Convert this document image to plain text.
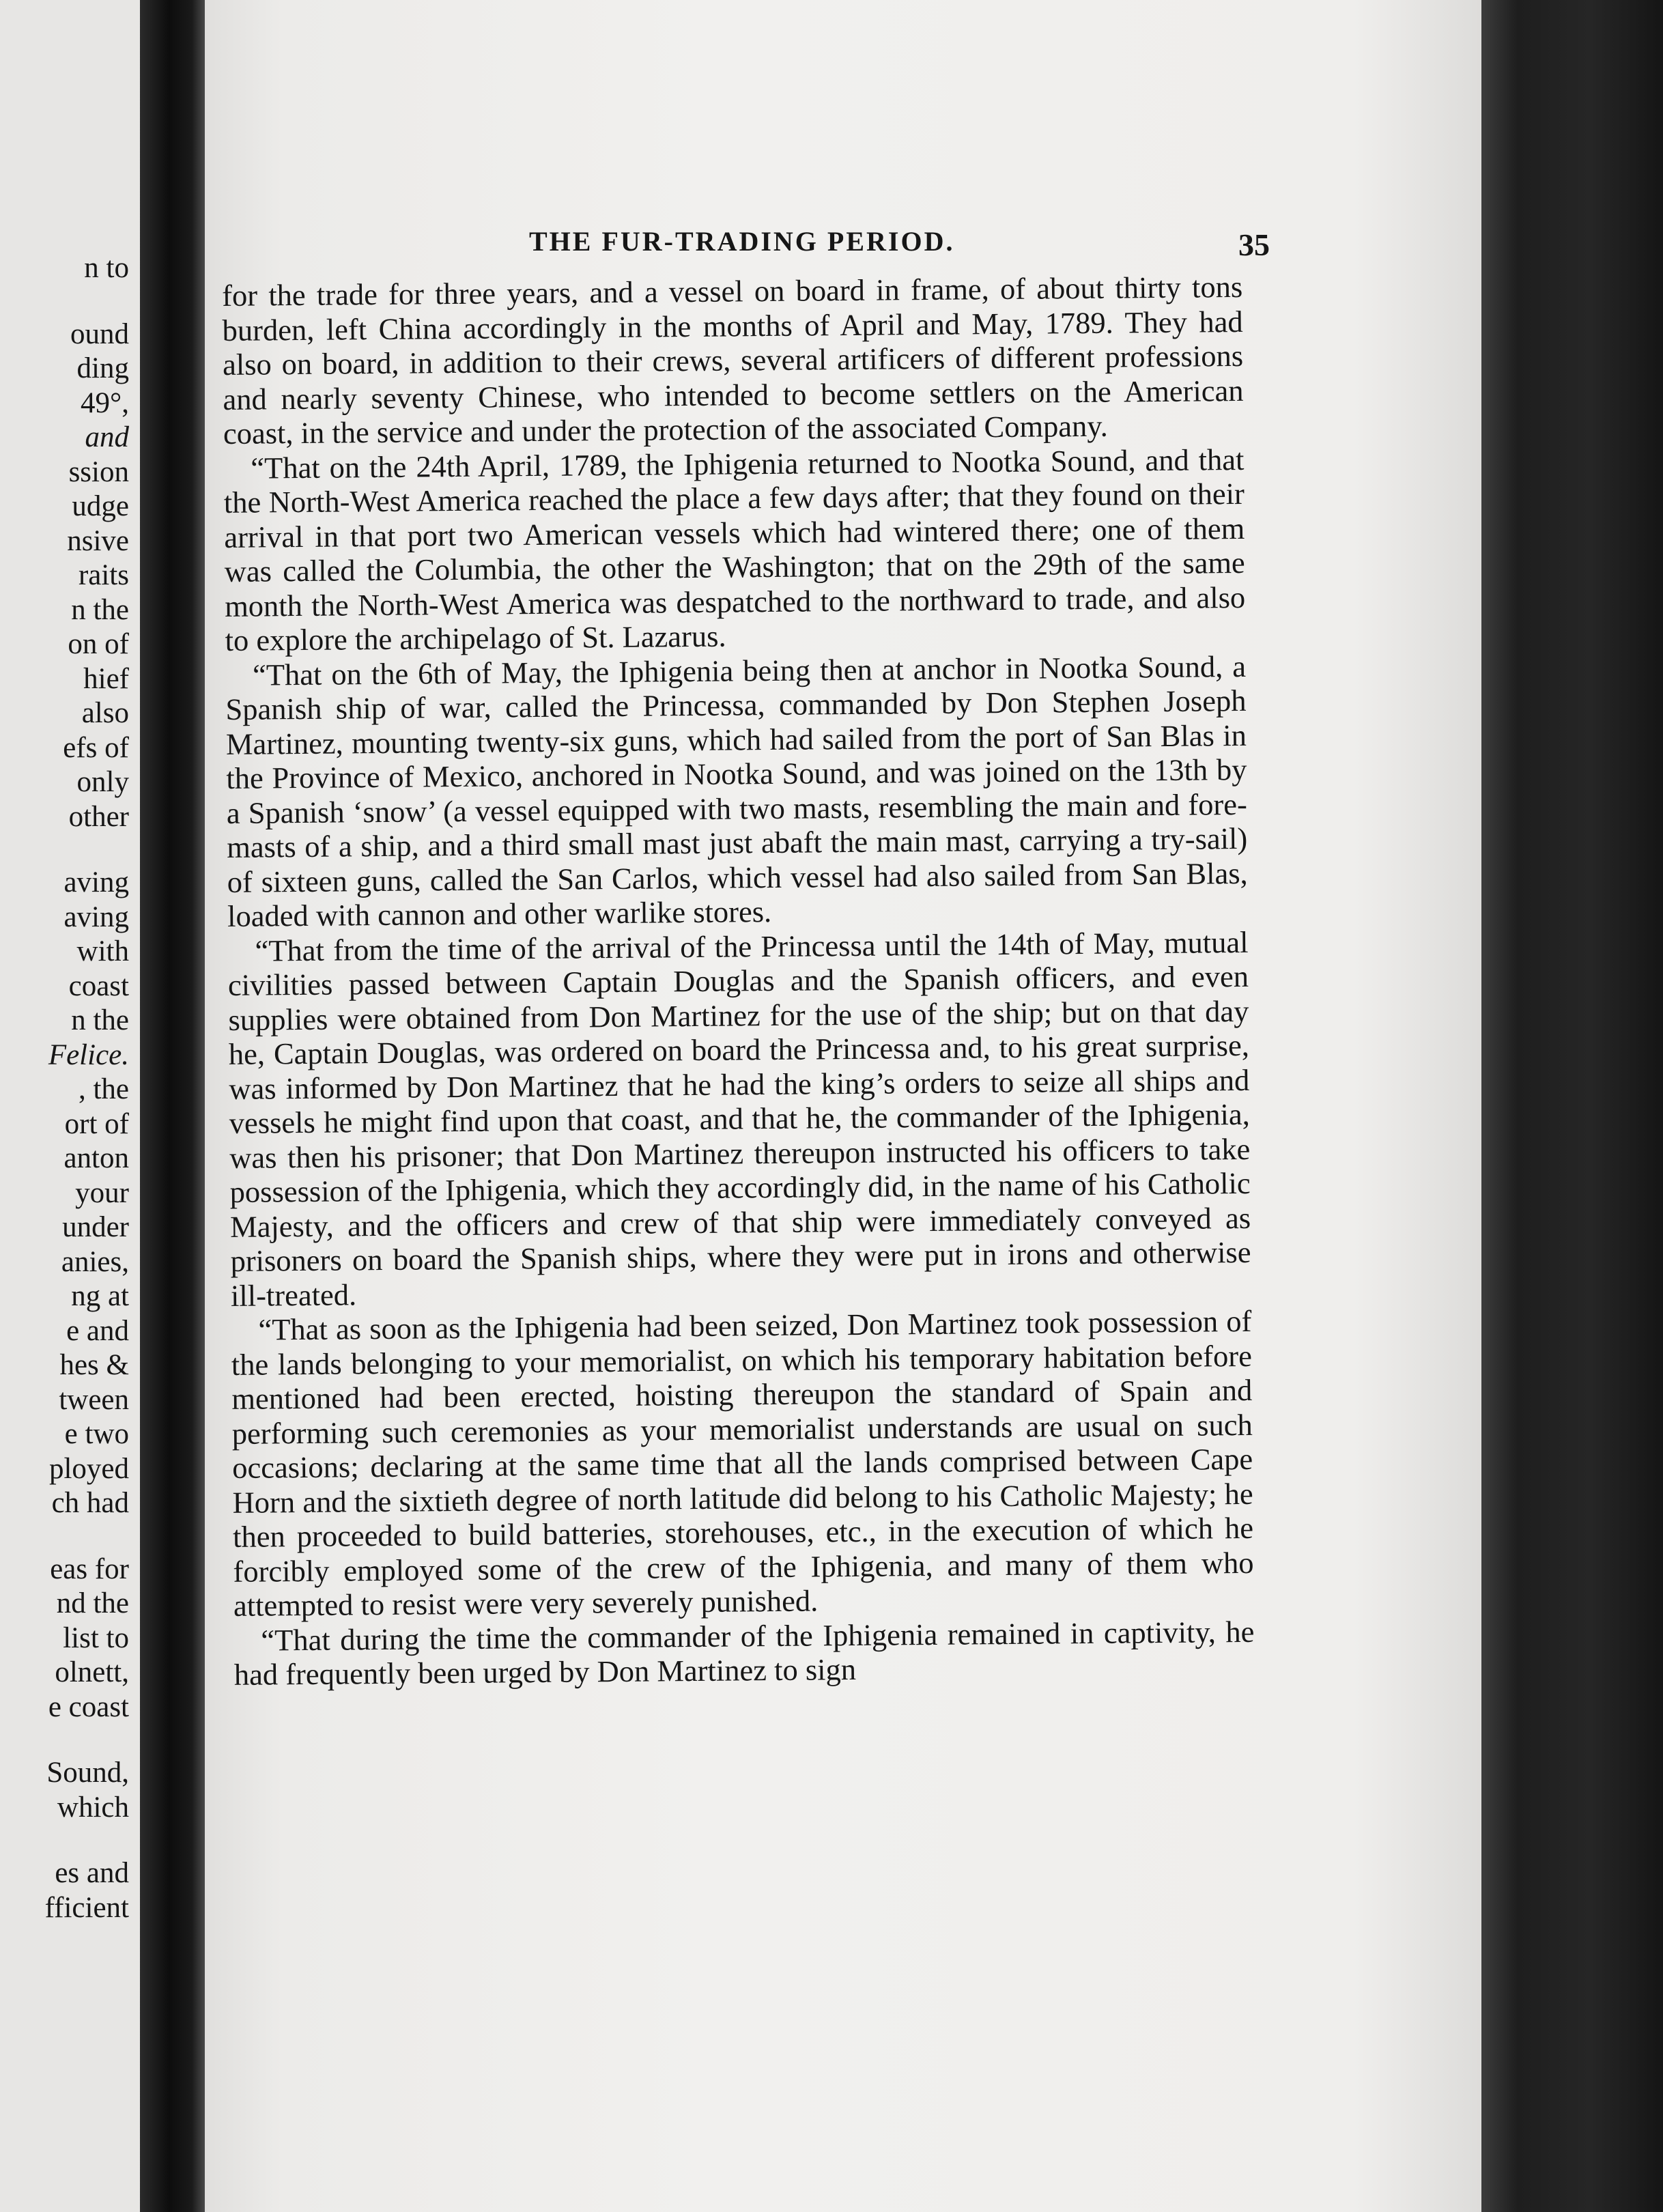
n to
ound
ding
49°,
and
ssion
udge
nsive
raits
n the
on of
hief
also
efs of
only
other
aving
aving
with
coast
n the
Felice.
, the
ort of
anton
your
under
anies,
ng at
e and
hes &
tween
e two
ployed
ch had
eas for
nd the
list to
olnett,
e coast
Sound,
which
es and
fficient
THE FUR-TRADING PERIOD.	35

for the trade for three years, and a vessel on board in frame, of about thirty tons burden, left China accordingly in the months of April and May, 1789. They had also on board, in addition to their crews, several artificers of different professions and nearly seventy Chinese, who intended to become settlers on the American coast, in the service and under the protection of the associated Company.

“That on the 24th April, 1789, the Iphigenia returned to Nootka Sound, and that the North-West America reached the place a few days after; that they found on their arrival in that port two American vessels which had wintered there; one of them was called the Columbia, the other the Washington; that on the 29th of the same month the North-West America was despatched to the northward to trade, and also to explore the archipelago of St. Lazarus.

“That on the 6th of May, the Iphigenia being then at anchor in Nootka Sound, a Spanish ship of war, called the Princessa, commanded by Don Stephen Joseph Martinez, mounting twenty-six guns, which had sailed from the port of San Blas in the Province of Mexico, anchored in Nootka Sound, and was joined on the 13th by a Spanish ‘snow’ (a vessel equipped with two masts, resembling the main and fore-masts of a ship, and a third small mast just abaft the main mast, carrying a try-sail) of sixteen guns, called the San Carlos, which vessel had also sailed from San Blas, loaded with cannon and other warlike stores.

“That from the time of the arrival of the Princessa until the 14th of May, mutual civilities passed between Captain Douglas and the Spanish officers, and even supplies were obtained from Don Martinez for the use of the ship; but on that day he, Captain Douglas, was ordered on board the Princessa and, to his great surprise, was informed by Don Martinez that he had the king’s orders to seize all ships and vessels he might find upon that coast, and that he, the commander of the Iphigenia, was then his prisoner; that Don Martinez thereupon instructed his officers to take possession of the Iphigenia, which they accordingly did, in the name of his Catholic Majesty, and the officers and crew of that ship were immediately conveyed as prisoners on board the Spanish ships, where they were put in irons and otherwise ill-treated.

“That as soon as the Iphigenia had been seized, Don Martinez took possession of the lands belonging to your memorialist, on which his temporary habitation before mentioned had been erected, hoisting thereupon the standard of Spain and performing such ceremonies as your memorialist understands are usual on such occasions; declaring at the same time that all the lands comprised between Cape Horn and the sixtieth degree of north latitude did belong to his Catholic Majesty; he then proceeded to build batteries, storehouses, etc., in the execution of which he forcibly employed some of the crew of the Iphigenia, and many of them who attempted to resist were very severely punished.

“That during the time the commander of the Iphigenia remained in captivity, he had frequently been urged by Don Martinez to sign
